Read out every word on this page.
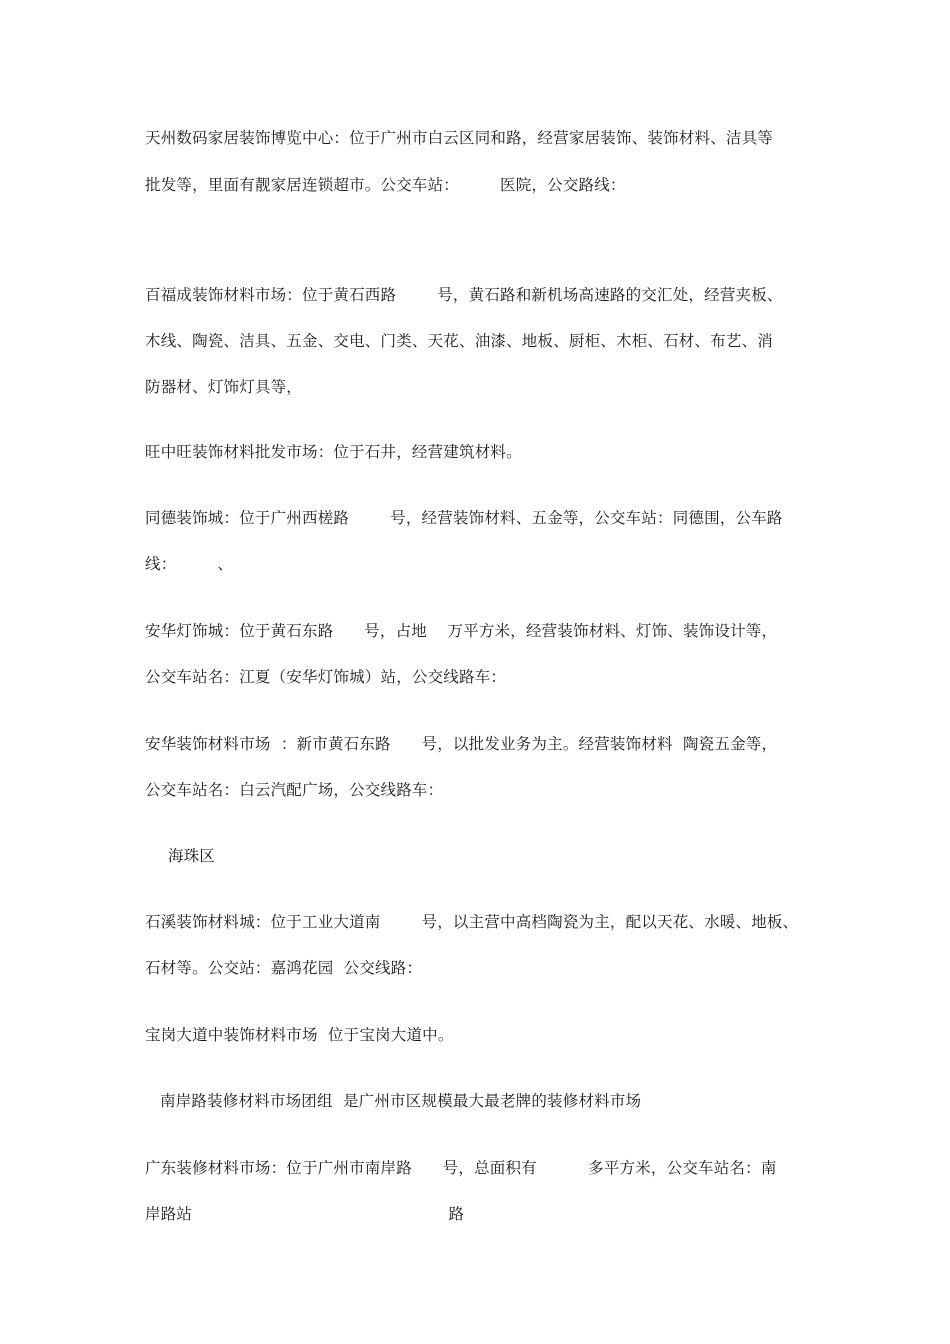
天州数码家居装饰博览中心：位于广州市白云区同和路，经营家居装饰、装饰材料、洁具等
批发等，里面有靓家居连锁超市。公交车站：        医院，公交路线：
百福成装饰材料市场：位于黄石西路        号，黄石路和新机场高速路的交汇处，经营夹板、
木线、陶瓷、洁具、五金、交电、门类、天花、油漆、地板、厨柜、木柜、石材、布艺、消
防器材、灯饰灯具等，
旺中旺装饰材料批发市场：位于石井，经营建筑材料。
同德装饰城：位于广州西槎路        号，经营装饰材料、五金等，公交车站：同德围，公车路
线：        、
安华灯饰城：位于黄石东路      号，占地    万平方米，经营装饰材料、灯饰、装饰设计等，
公交车站名：江夏（安华灯饰城）站，公交线路车：
安华装饰材料市场  ：新市黄石东路      号，以批发业务为主。经营装饰材料  陶瓷五金等，
公交车站名：白云汽配广场，公交线路车：
海珠区
石溪装饰材料城：位于工业大道南        号，以主营中高档陶瓷为主，配以天花、水暖、地板、
石材等。公交站：嘉鸿花园  公交线路：
宝岗大道中装饰材料市场  位于宝岗大道中。
南岸路装修材料市场团组  是广州市区规模最大最老牌的装修材料市场
广东装修材料市场：位于广州市南岸路      号，总面积有          多平方米，公交车站名：南
岸路站                                                  路
